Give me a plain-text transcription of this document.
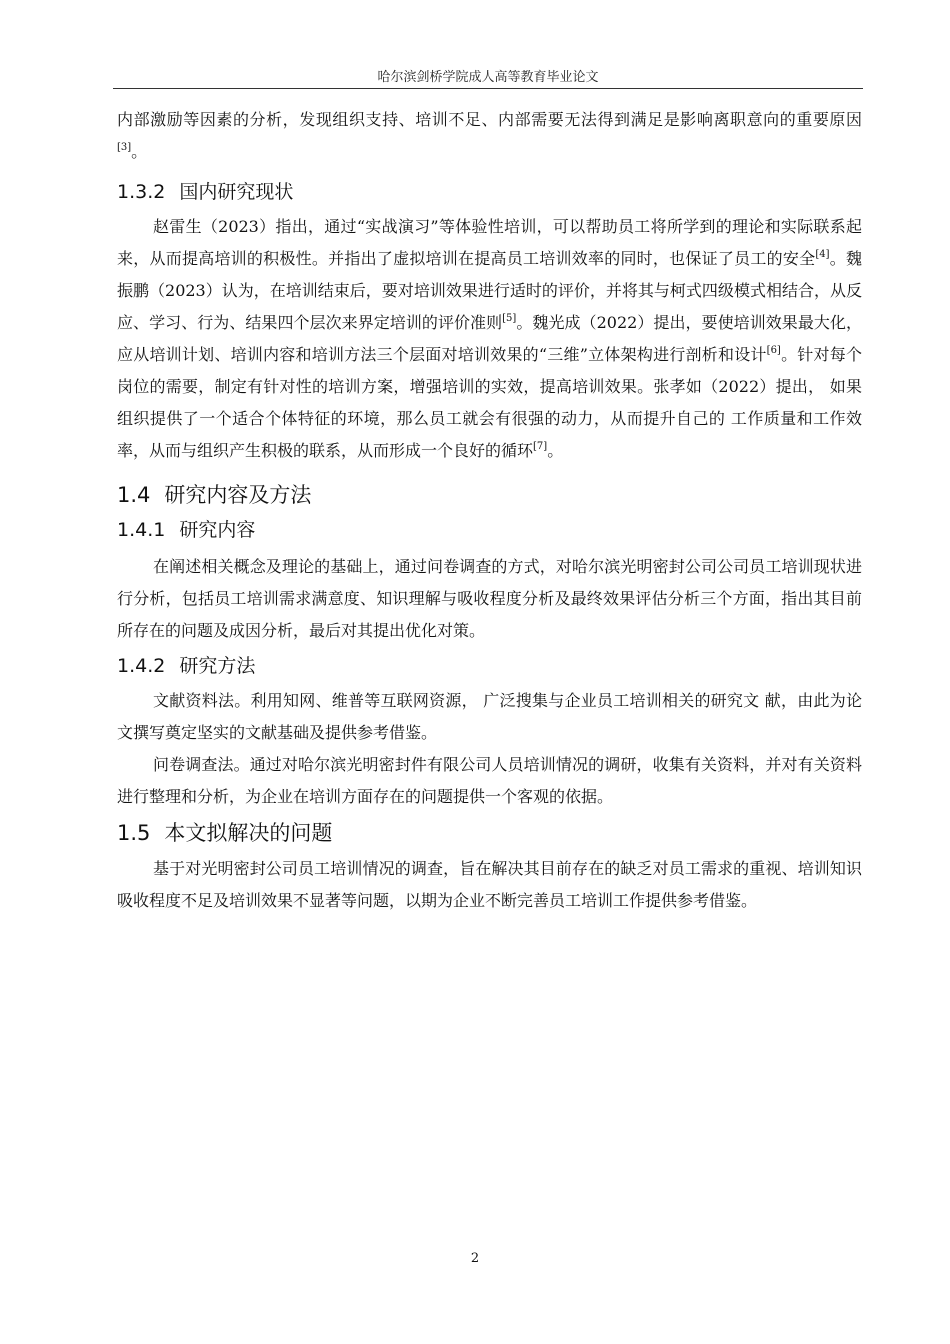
哈尔滨剑桥学院成人高等教育毕业论文

内部激励等因素的分析，发现组织支持、培训不足、内部需要无法得到满足是影响离职意向的重要原因[3]。

1.3.2 国内研究现状

赵雷生（2023）指出，通过“实战演习”等体验性培训，可以帮助员工将所学到的理论和实际联系起来，从而提高培训的积极性。并指出了虚拟培训在提高员工培训效率的同时，也保证了员工的安全[4]。魏振鹏（2023）认为，在培训结束后，要对培训效果进行适时的评价，并将其与柯式四级模式相结合，从反应、学习、行为、结果四个层次来界定培训的评价准则[5]。魏光成（2022）提出，要使培训效果最大化，应从培训计划、培训内容和培训方法三个层面对培训效果的“三维”立体架构进行剖析和设计[6]。针对每个岗位的需要，制定有针对性的培训方案，增强培训的实效，提高培训效果。张孝如（2022）提出， 如果组织提供了一个适合个体特征的环境，那么员工就会有很强的动力，从而提升自己的 工作质量和工作效率，从而与组织产生积极的联系，从而形成一个良好的循环[7]。

1.4 研究内容及方法
1.4.1 研究内容

在阐述相关概念及理论的基础上，通过问卷调查的方式，对哈尔滨光明密封公司公司员工培训现状进行分析，包括员工培训需求满意度、知识理解与吸收程度分析及最终效果评估分析三个方面，指出其目前所存在的问题及成因分析，最后对其提出优化对策。

1.4.2 研究方法

文献资料法。利用知网、维普等互联网资源， 广泛搜集与企业员工培训相关的研究文 献，由此为论文撰写奠定坚实的文献基础及提供参考借鉴。

问卷调查法。通过对哈尔滨光明密封件有限公司人员培训情况的调研，收集有关资料，并对有关资料进行整理和分析，为企业在培训方面存在的问题提供一个客观的依据。

1.5 本文拟解决的问题

基于对光明密封公司员工培训情况的调查，旨在解决其目前存在的缺乏对员工需求的重视、培训知识吸收程度不足及培训效果不显著等问题，以期为企业不断完善员工培训工作提供参考借鉴。

2
